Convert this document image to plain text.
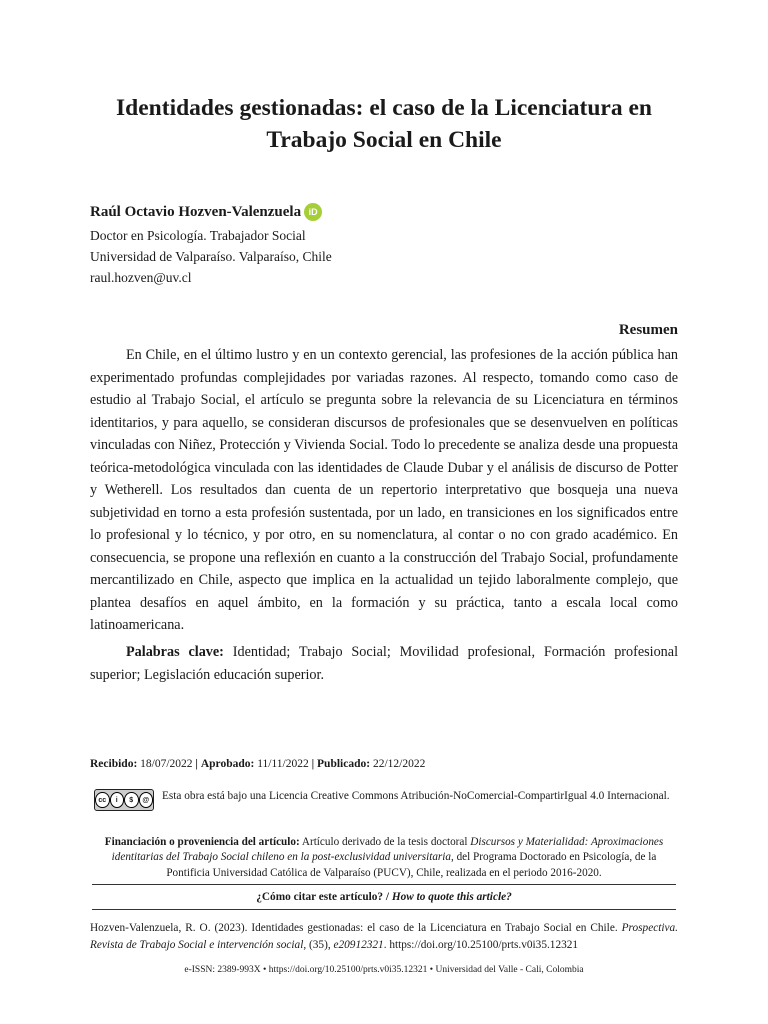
Identidades gestionadas: el caso de la Licenciatura en
Trabajo Social en Chile
Raúl Octavio Hozven-Valenzuela iD
Doctor en Psicología. Trabajador Social
Universidad de Valparaíso. Valparaíso, Chile
raul.hozven@uv.cl
Resumen

En Chile, en el último lustro y en un contexto gerencial, las profesiones de la acción pública han experimentado profundas complejidades por variadas razones. Al respecto, tomando como caso de estudio al Trabajo Social, el artículo se pregunta sobre la relevancia de su Licenciatura en términos identitarios, y para aquello, se consideran discursos de profesionales que se desenvuelven en políticas vinculadas con Niñez, Protección y Vivienda Social. Todo lo precedente se analiza desde una propuesta teórica-metodológica vinculada con las identidades de Claude Dubar y el análisis de discurso de Potter y Wetherell. Los resultados dan cuenta de un repertorio interpretativo que bosqueja una nueva subjetividad en torno a esta profesión sustentada, por un lado, en transiciones en los significados entre lo profesional y lo técnico, y por otro, en su nomenclatura, al contar o no con grado académico. En consecuencia, se propone una reflexión en cuanto a la construcción del Trabajo Social, profundamente mercantilizado en Chile, aspecto que implica en la actualidad un tejido laboralmente complejo, que plantea desafíos en aquel ámbito, en la formación y su práctica, tanto a escala local como latinoamericana.

Palabras clave: Identidad; Trabajo Social; Movilidad profesional, Formación profesional superior; Legislación educación superior.

Recibido: 18/07/2022 | Aprobado: 11/11/2022 | Publicado: 22/12/2022
cc	i	$	@	Esta obra está bajo una Licencia Creative Commons Atribución-NoComercial-CompartirIgual 4.0 Internacional.
Financiación o proveniencia del artículo: Artículo derivado de la tesis doctoral Discursos y Materialidad: Aproximaciones identitarias del Trabajo Social chileno en la post-exclusividad universitaria, del Programa Doctorado en Psicología, de la Pontificia Universidad Católica de Valparaíso (PUCV), Chile, realizada en el periodo 2016-2020.
¿Cómo citar este artículo? / How to quote this article?
Hozven-Valenzuela, R. O. (2023). Identidades gestionadas: el caso de la Licenciatura en Trabajo Social en Chile. Prospectiva. Revista de Trabajo Social e intervención social, (35), e20912321. https://doi.org/10.25100/prts.v0i35.12321
e-ISSN: 2389-993X • https://doi.org/10.25100/prts.v0i35.12321 • Universidad del Valle - Cali, Colombia
